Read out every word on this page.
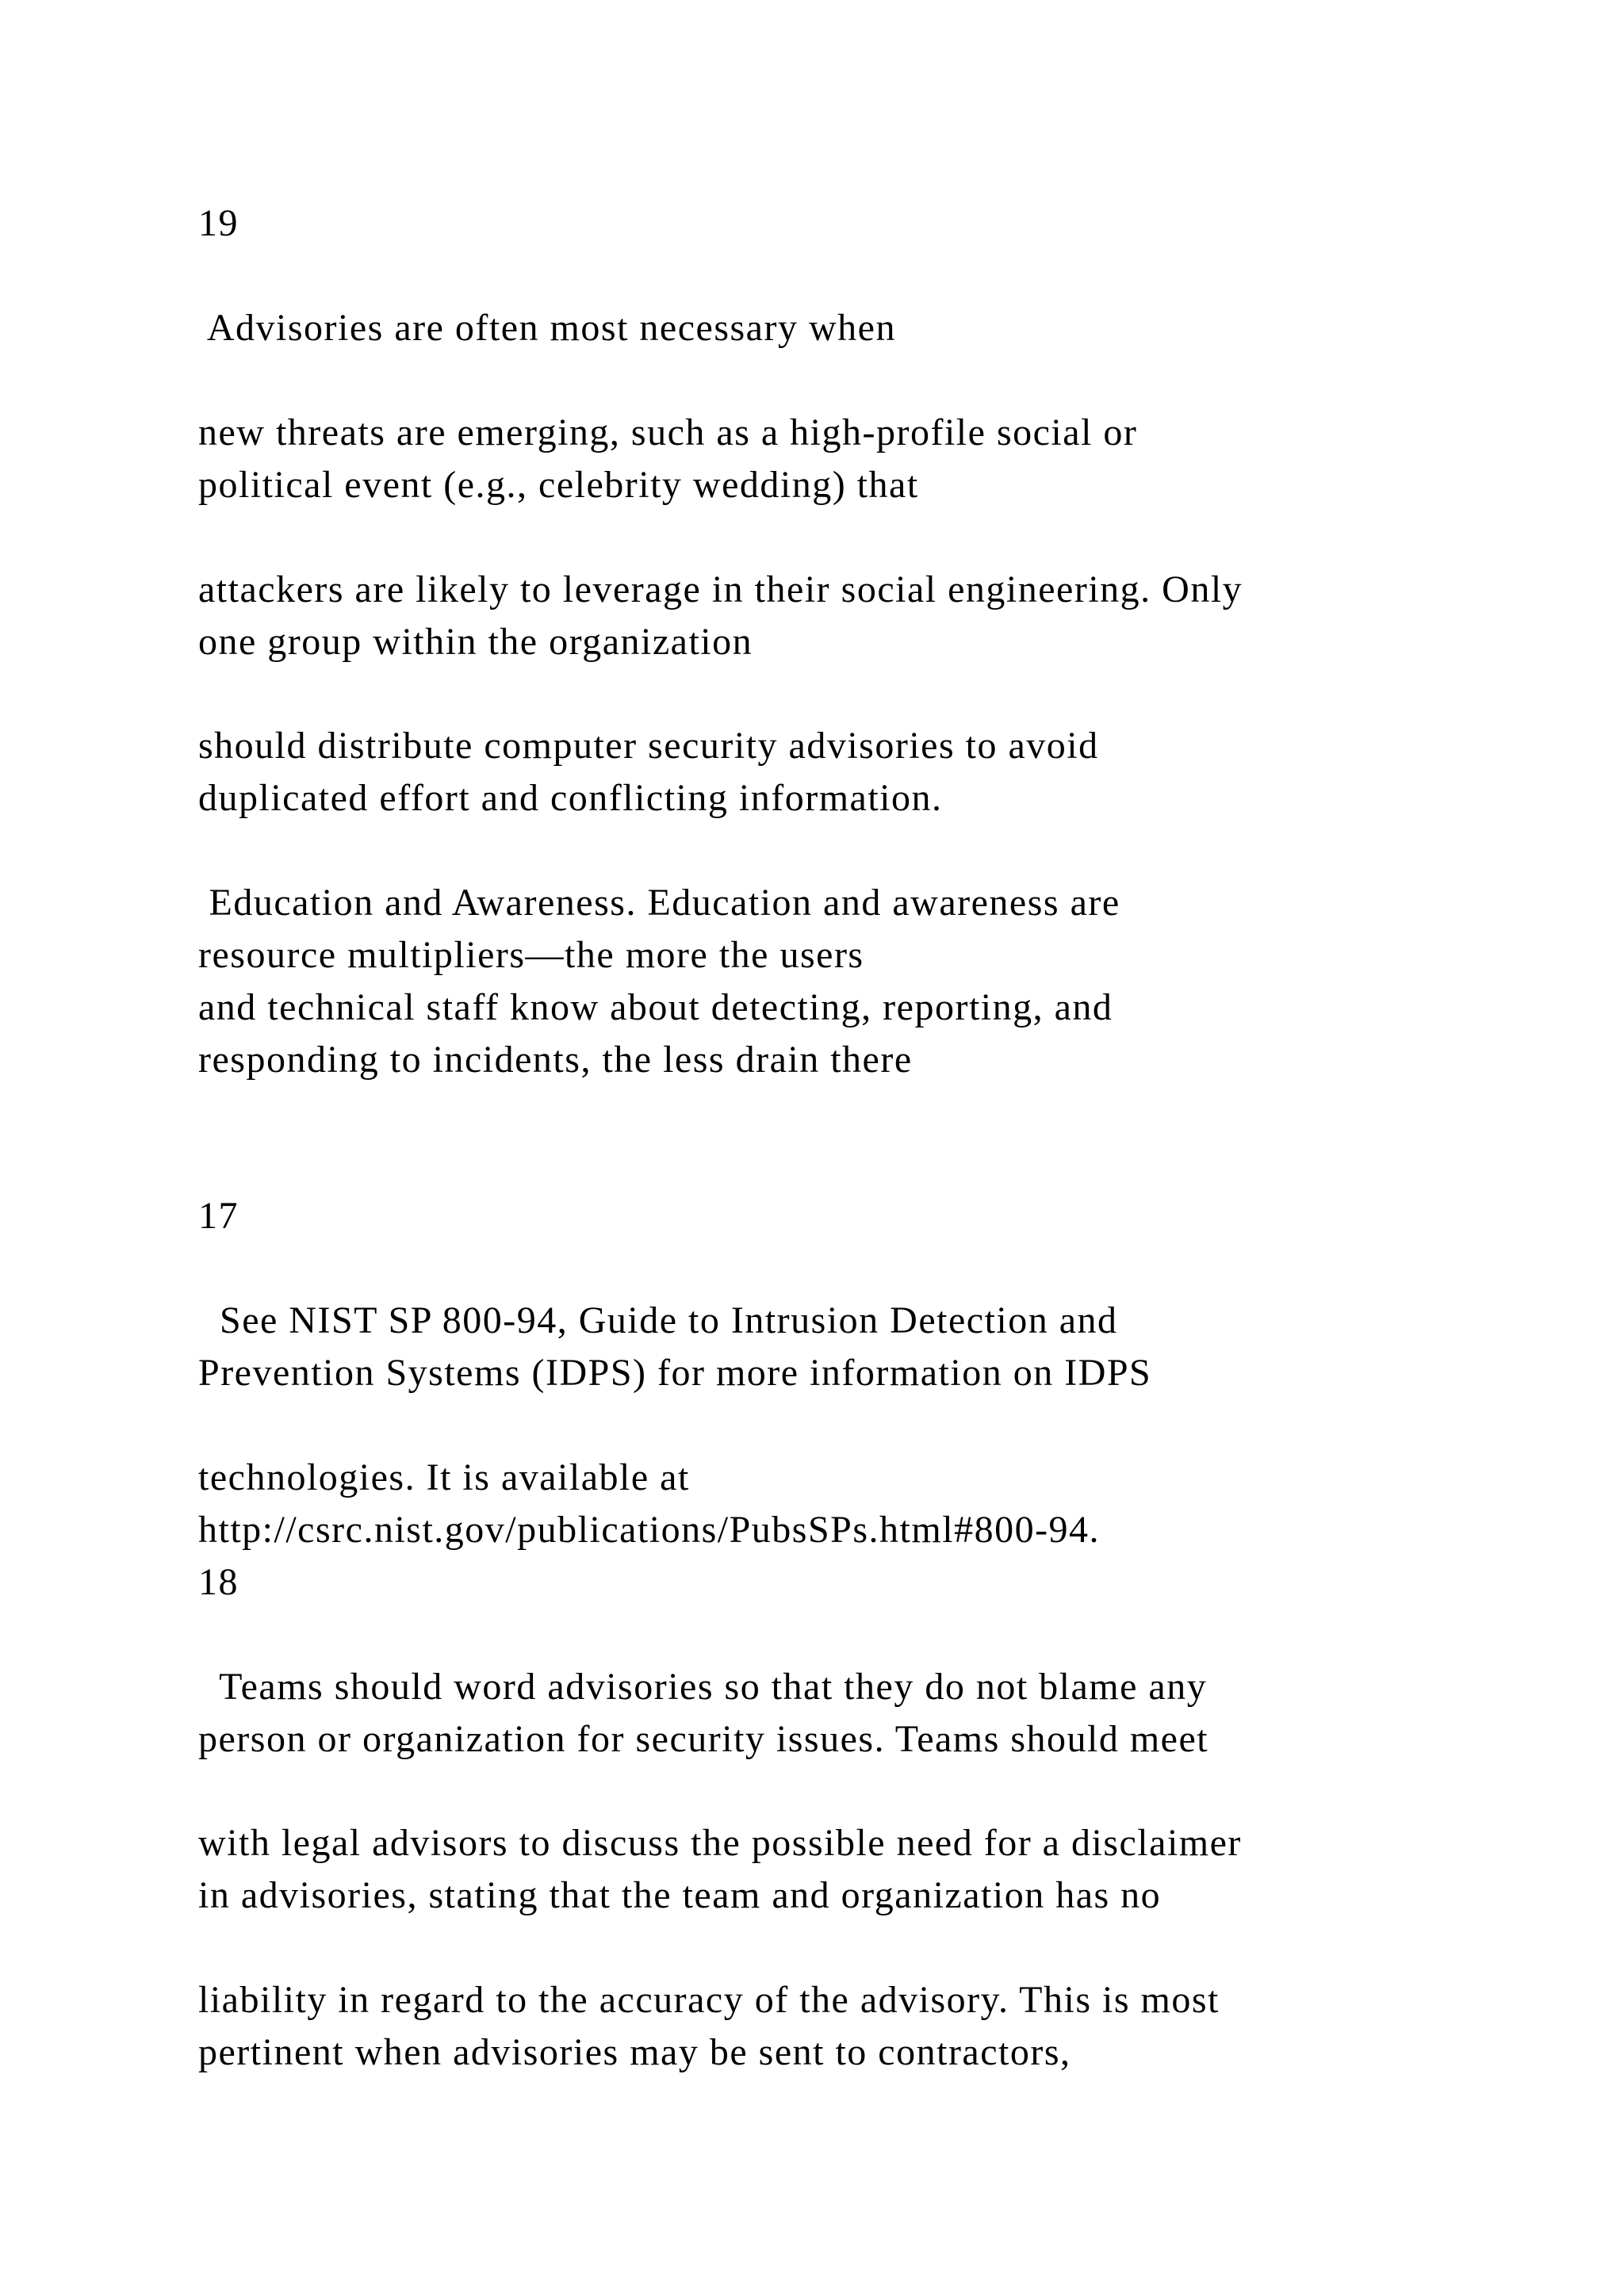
19
Advisories are often most necessary when
new threats are emerging, such as a high-profile social or
political event (e.g., celebrity wedding) that
attackers are likely to leverage in their social engineering. Only
one group within the organization
should distribute computer security advisories to avoid
duplicated effort and conflicting information.
Education and Awareness. Education and awareness are
resource multipliers—the more the users
and technical staff know about detecting, reporting, and
responding to incidents, the less drain there
17
See NIST SP 800-94, Guide to Intrusion Detection and
Prevention Systems (IDPS) for more information on IDPS
technologies. It is available at
http://csrc.nist.gov/publications/PubsSPs.html#800-94.
18
Teams should word advisories so that they do not blame any
person or organization for security issues. Teams should meet
with legal advisors to discuss the possible need for a disclaimer
in advisories, stating that the team and organization has no
liability in regard to the accuracy of the advisory. This is most
pertinent when advisories may be sent to contractors,
